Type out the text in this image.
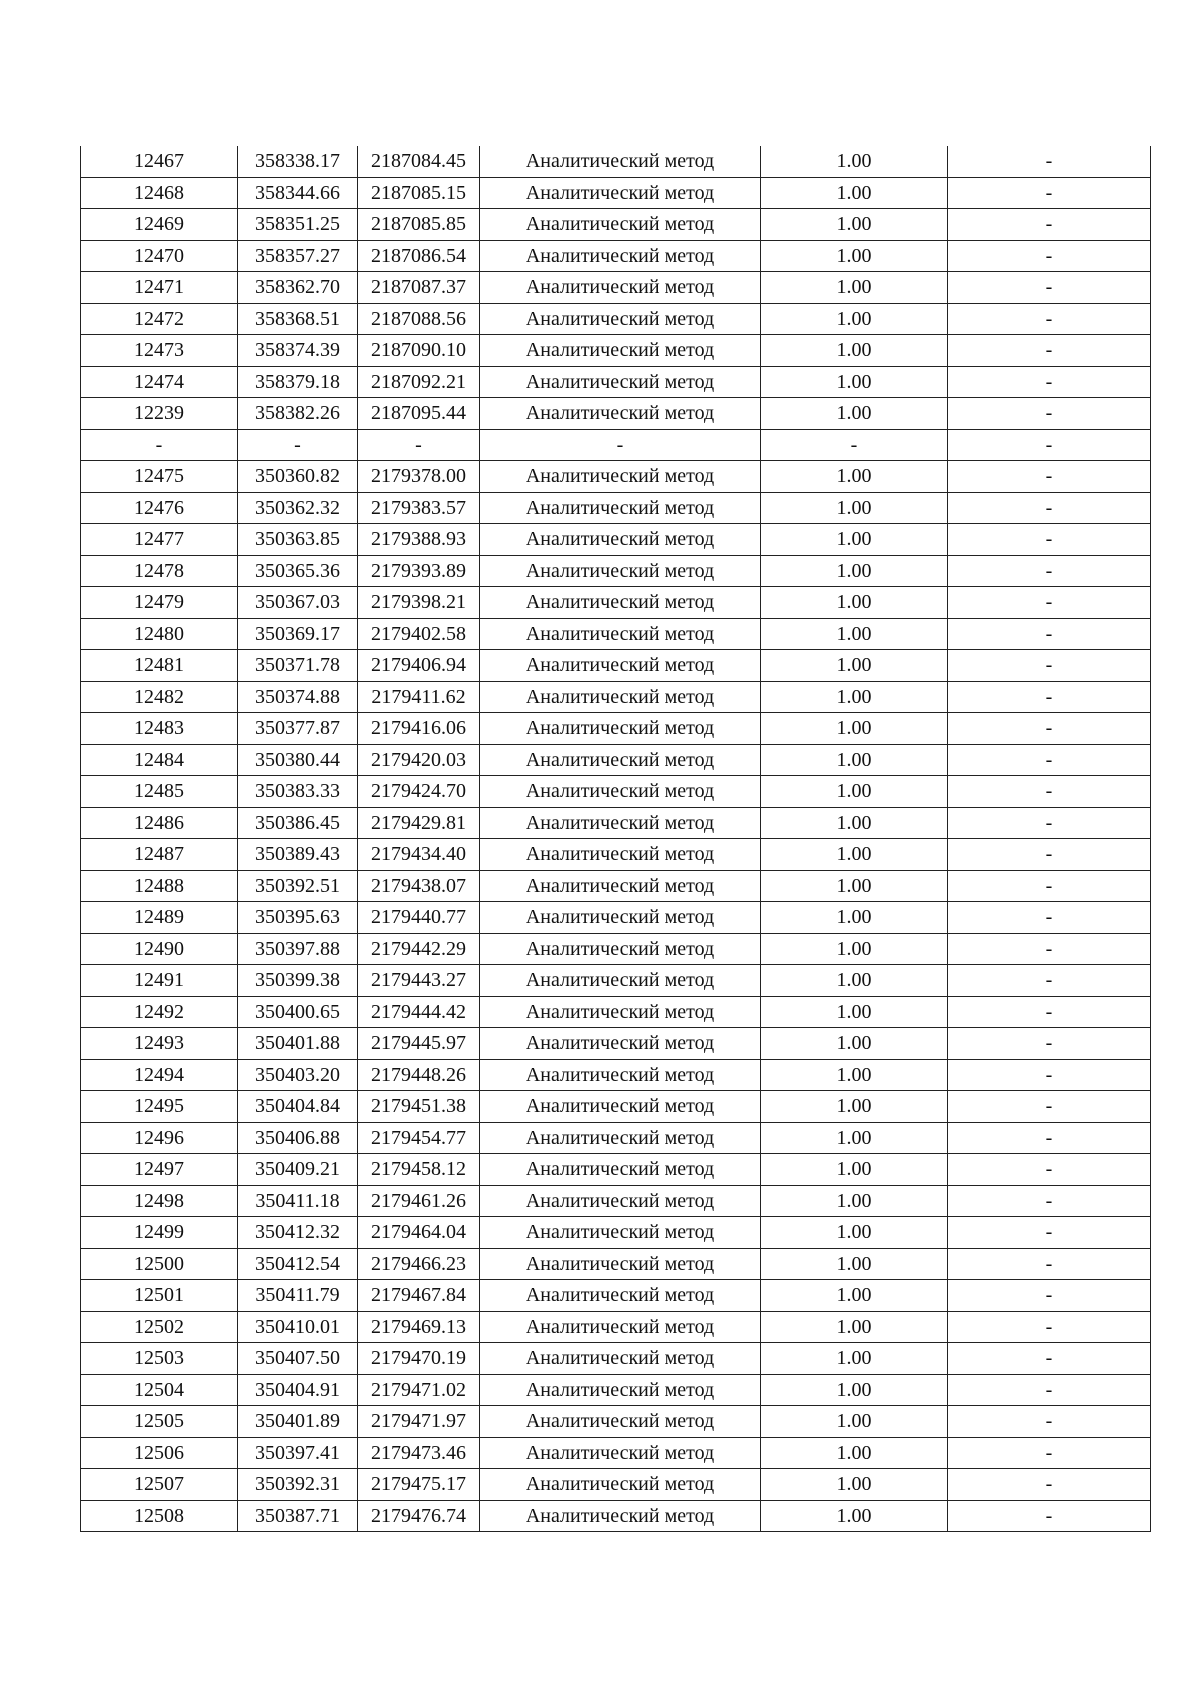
12467	358338.17	2187084.45	Аналитический метод	1.00	-
12468	358344.66	2187085.15	Аналитический метод	1.00	-
12469	358351.25	2187085.85	Аналитический метод	1.00	-
12470	358357.27	2187086.54	Аналитический метод	1.00	-
12471	358362.70	2187087.37	Аналитический метод	1.00	-
12472	358368.51	2187088.56	Аналитический метод	1.00	-
12473	358374.39	2187090.10	Аналитический метод	1.00	-
12474	358379.18	2187092.21	Аналитический метод	1.00	-
12239	358382.26	2187095.44	Аналитический метод	1.00	-
-	-	-	-	-	-
12475	350360.82	2179378.00	Аналитический метод	1.00	-
12476	350362.32	2179383.57	Аналитический метод	1.00	-
12477	350363.85	2179388.93	Аналитический метод	1.00	-
12478	350365.36	2179393.89	Аналитический метод	1.00	-
12479	350367.03	2179398.21	Аналитический метод	1.00	-
12480	350369.17	2179402.58	Аналитический метод	1.00	-
12481	350371.78	2179406.94	Аналитический метод	1.00	-
12482	350374.88	2179411.62	Аналитический метод	1.00	-
12483	350377.87	2179416.06	Аналитический метод	1.00	-
12484	350380.44	2179420.03	Аналитический метод	1.00	-
12485	350383.33	2179424.70	Аналитический метод	1.00	-
12486	350386.45	2179429.81	Аналитический метод	1.00	-
12487	350389.43	2179434.40	Аналитический метод	1.00	-
12488	350392.51	2179438.07	Аналитический метод	1.00	-
12489	350395.63	2179440.77	Аналитический метод	1.00	-
12490	350397.88	2179442.29	Аналитический метод	1.00	-
12491	350399.38	2179443.27	Аналитический метод	1.00	-
12492	350400.65	2179444.42	Аналитический метод	1.00	-
12493	350401.88	2179445.97	Аналитический метод	1.00	-
12494	350403.20	2179448.26	Аналитический метод	1.00	-
12495	350404.84	2179451.38	Аналитический метод	1.00	-
12496	350406.88	2179454.77	Аналитический метод	1.00	-
12497	350409.21	2179458.12	Аналитический метод	1.00	-
12498	350411.18	2179461.26	Аналитический метод	1.00	-
12499	350412.32	2179464.04	Аналитический метод	1.00	-
12500	350412.54	2179466.23	Аналитический метод	1.00	-
12501	350411.79	2179467.84	Аналитический метод	1.00	-
12502	350410.01	2179469.13	Аналитический метод	1.00	-
12503	350407.50	2179470.19	Аналитический метод	1.00	-
12504	350404.91	2179471.02	Аналитический метод	1.00	-
12505	350401.89	2179471.97	Аналитический метод	1.00	-
12506	350397.41	2179473.46	Аналитический метод	1.00	-
12507	350392.31	2179475.17	Аналитический метод	1.00	-
12508	350387.71	2179476.74	Аналитический метод	1.00	-
